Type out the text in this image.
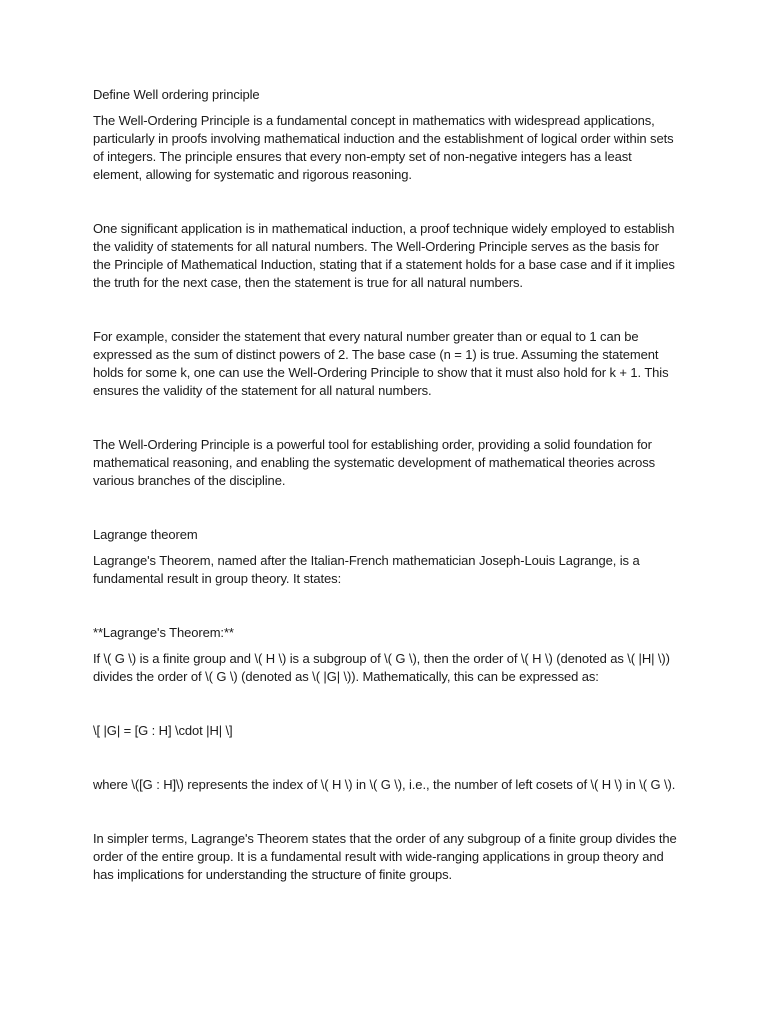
Define Well ordering principle

The Well-Ordering Principle is a fundamental concept in mathematics with widespread applications, particularly in proofs involving mathematical induction and the establishment of logical order within sets of integers. The principle ensures that every non-empty set of non-negative integers has a least element, allowing for systematic and rigorous reasoning.

One significant application is in mathematical induction, a proof technique widely employed to establish the validity of statements for all natural numbers. The Well-Ordering Principle serves as the basis for the Principle of Mathematical Induction, stating that if a statement holds for a base case and if it implies the truth for the next case, then the statement is true for all natural numbers.

For example, consider the statement that every natural number greater than or equal to 1 can be expressed as the sum of distinct powers of 2. The base case (n = 1) is true. Assuming the statement holds for some k, one can use the Well-Ordering Principle to show that it must also hold for k + 1. This ensures the validity of the statement for all natural numbers.

The Well-Ordering Principle is a powerful tool for establishing order, providing a solid foundation for mathematical reasoning, and enabling the systematic development of mathematical theories across various branches of the discipline.

Lagrange theorem

Lagrange's Theorem, named after the Italian-French mathematician Joseph-Louis Lagrange, is a fundamental result in group theory. It states:

**Lagrange's Theorem:**

If \( G \) is a finite group and \( H \) is a subgroup of \( G \), then the order of \( H \) (denoted as \( |H| \)) divides the order of \( G \) (denoted as \( |G| \)). Mathematically, this can be expressed as:

\[ |G| = [G : H] \cdot |H| \]

where \([G : H]\) represents the index of \( H \) in \( G \), i.e., the number of left cosets of \( H \) in \( G \).

In simpler terms, Lagrange's Theorem states that the order of any subgroup of a finite group divides the order of the entire group. It is a fundamental result with wide-ranging applications in group theory and has implications for understanding the structure of finite groups.
